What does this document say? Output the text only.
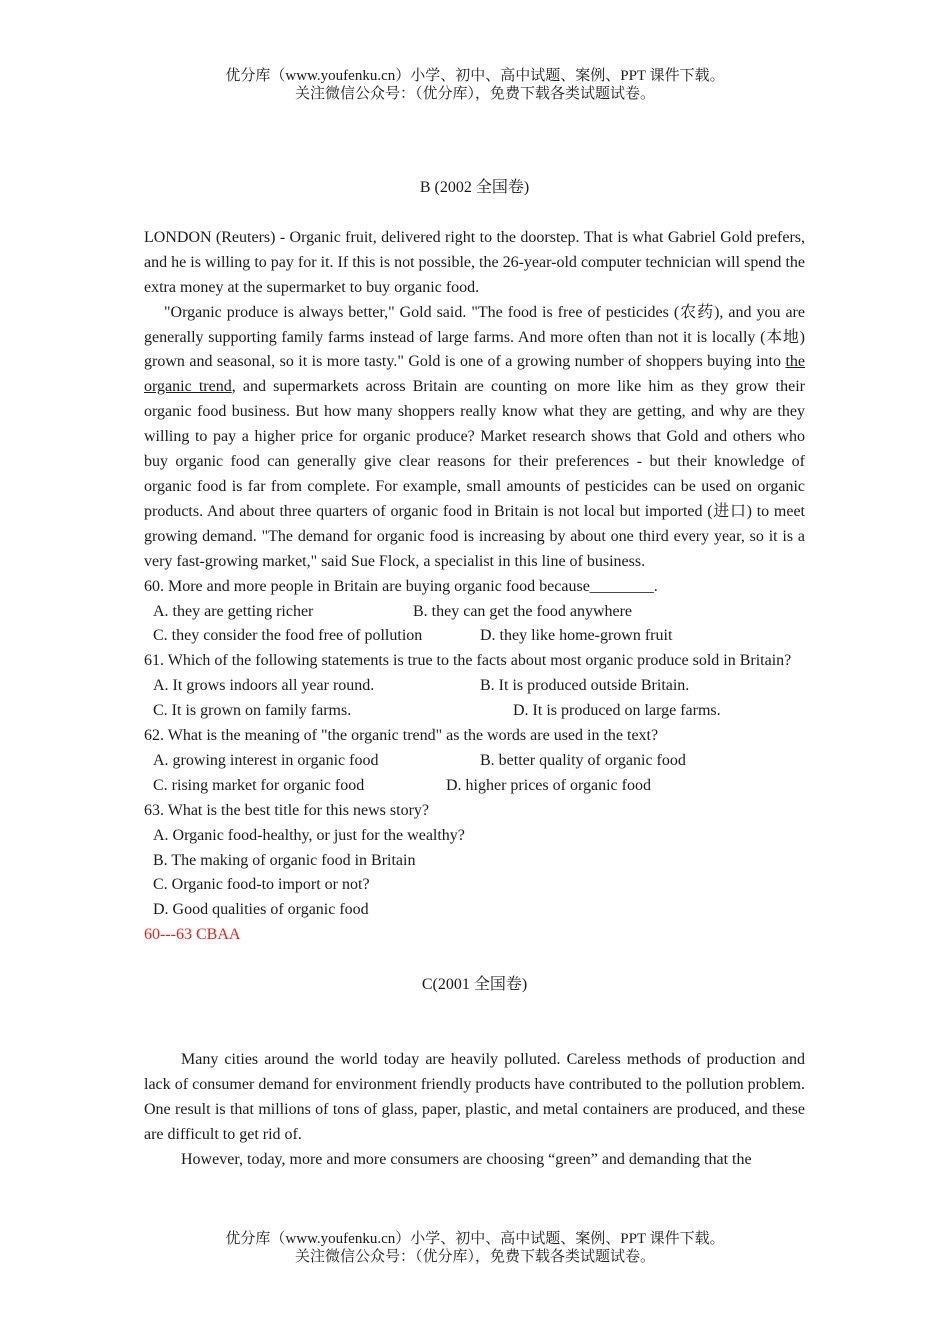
优分库（www.youfenku.cn）小学、初中、高中试题、案例、PPT 课件下载。
关注微信公众号：（优分库），免费下载各类试题试卷。
B (2002 全国卷)
LONDON (Reuters) - Organic fruit, delivered right to the doorstep. That is what Gabriel Gold prefers, and he is willing to pay for it. If this is not possible, the 26-year-old computer technician will spend the extra money at the supermarket to buy organic food.
"Organic produce is always better," Gold said. "The food is free of pesticides (农药), and you are generally supporting family farms instead of large farms. And more often than not it is locally (本地) grown and seasonal, so it is more tasty." Gold is one of a growing number of shoppers buying into the organic trend, and supermarkets across Britain are counting on more like him as they grow their organic food business. But how many shoppers really know what they are getting, and why are they willing to pay a higher price for organic produce? Market research shows that Gold and others who buy organic food can generally give clear reasons for their preferences - but their knowledge of organic food is far from complete. For example, small amounts of pesticides can be used on organic products. And about three quarters of organic food in Britain is not local but imported (进口) to meet growing demand. "The demand for organic food is increasing by about one third every year, so it is a very fast-growing market," said Sue Flock, a specialist in this line of business.
60. More and more people in Britain are buying organic food because________.
A. they are getting richer	B. they can get the food anywhere
C. they consider the food free of pollution	D. they like home-grown fruit
61. Which of the following statements is true to the facts about most organic produce sold in Britain?
A. It grows indoors all year round.	B. It is produced outside Britain.
C. It is grown on family farms.	D. It is produced on large farms.
62. What is the meaning of "the organic trend" as the words are used in the text?
A. growing interest in organic food	B. better quality of organic food
C. rising market for organic food	D. higher prices of organic food
63. What is the best title for this news story?
A. Organic food-healthy, or just for the wealthy?
B. The making of organic food in Britain
C. Organic food-to import or not?
D. Good qualities of organic food
60---63 CBAA
C(2001 全国卷)
Many cities around the world today are heavily polluted. Careless methods of production and lack of consumer demand for environment friendly products have contributed to the pollution problem. One result is that millions of tons of glass, paper, plastic, and metal containers are produced, and these are difficult to get rid of.
However, today, more and more consumers are choosing “green” and demanding that the
优分库（www.youfenku.cn）小学、初中、高中试题、案例、PPT 课件下载。
关注微信公众号：（优分库），免费下载各类试题试卷。
